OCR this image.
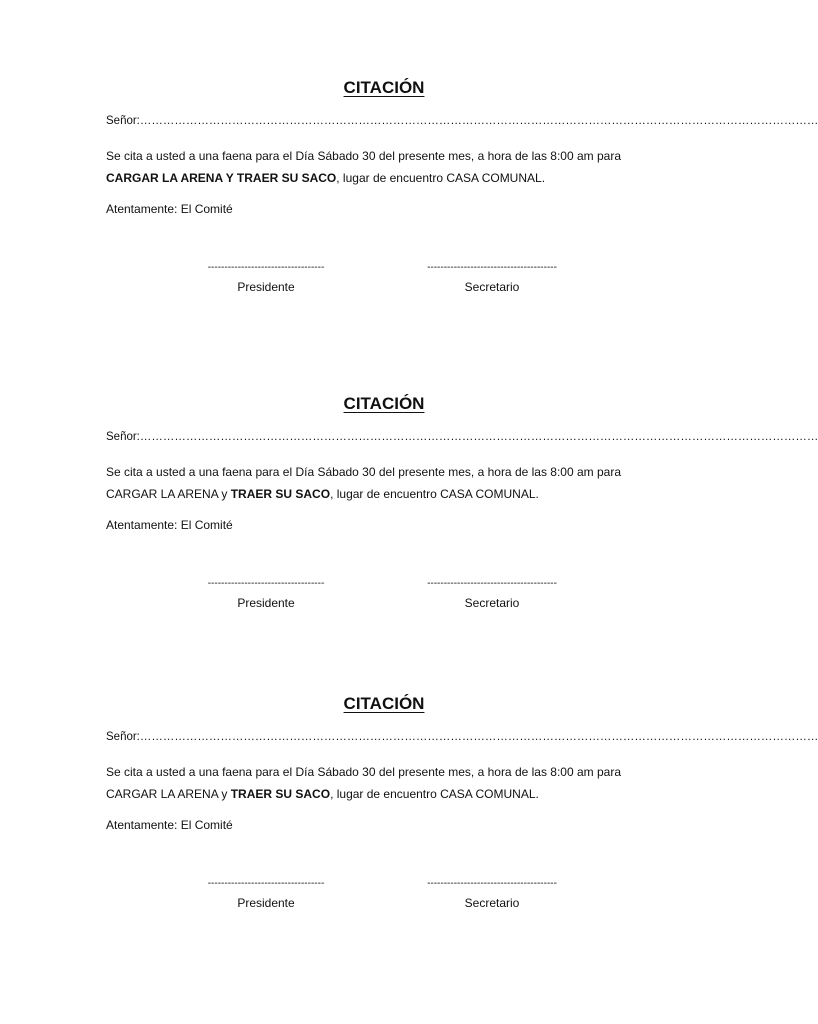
CITACIÓN
Señor:……………………………………………………………………………………………………………………………………………………………
Se cita a usted a una faena para el Día Sábado 30 del presente mes, a hora de las 8:00 am para
CARGAR LA ARENA Y TRAER SU SACO, lugar de encuentro CASA COMUNAL.
Atentamente: El Comité
-----------------------------------
Presidente
---------------------------------------
Secretario
CITACIÓN
Señor:……………………………………………………………………………………………………………………………………………………………
Se cita a usted a una faena para el Día Sábado 30 del presente mes, a hora de las 8:00 am para
CARGAR LA ARENA y TRAER SU SACO, lugar de encuentro CASA COMUNAL.
Atentamente: El Comité
-----------------------------------
Presidente
---------------------------------------
Secretario
CITACIÓN
Señor:……………………………………………………………………………………………………………………………………………………………
Se cita a usted a una faena para el Día Sábado 30 del presente mes, a hora de las 8:00 am para
CARGAR LA ARENA y TRAER SU SACO, lugar de encuentro CASA COMUNAL.
Atentamente: El Comité
-----------------------------------
Presidente
---------------------------------------
Secretario
